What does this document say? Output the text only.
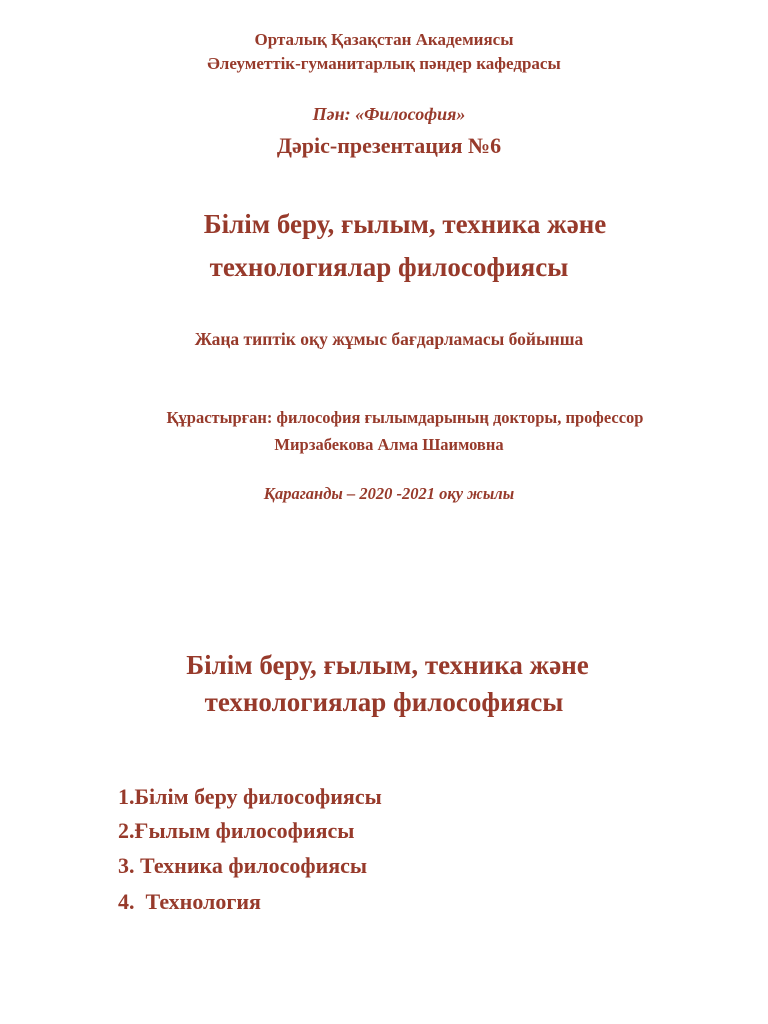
Орталық Қазақстан Академиясы
Әлеуметтік-гуманитарлық пәндер кафедрасы
Пән: «Философия»
Дәріс-презентация №6
Білім беру, ғылым, техника және
технологиялар философиясы
Жаңа типтік оқу жұмыс бағдарламасы бойынша
Құрастырған: философия ғылымдарының докторы, профессор
Мирзабекова Алма Шаимовна
Қараганды – 2020 -2021 оқу жылы
Білім беру, ғылым, техника және
технологиялар философиясы
1.Білім беру философиясы
2.Ғылым философиясы
3. Техника философиясы
4.  Технология
